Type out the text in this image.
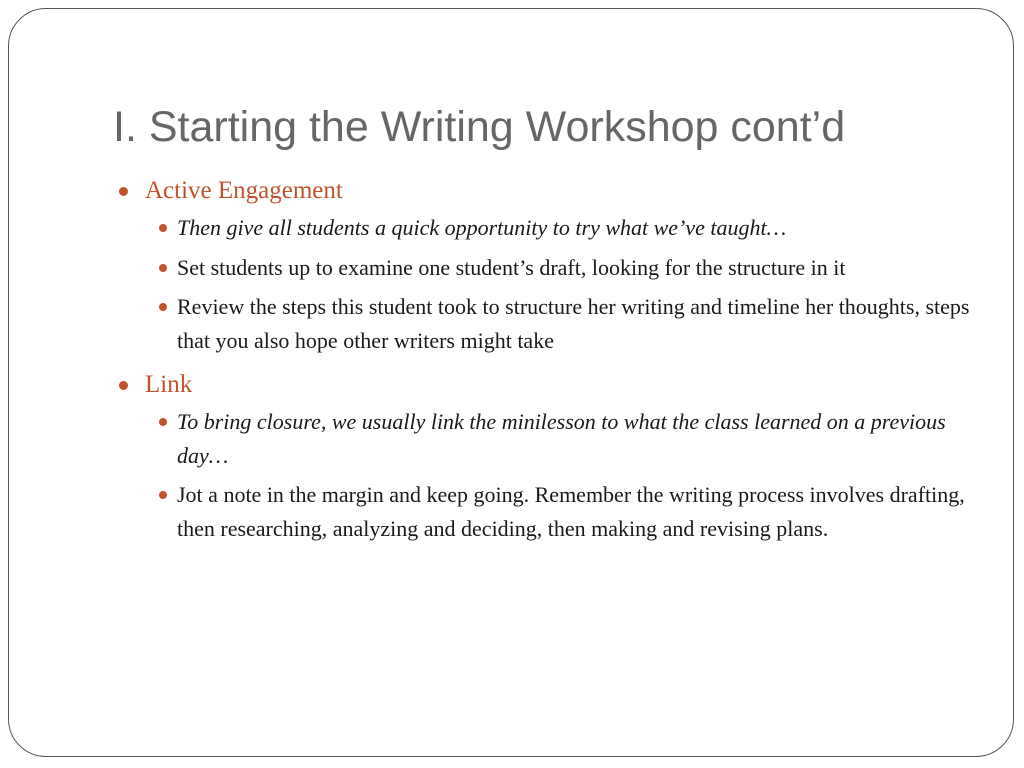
I. Starting the Writing Workshop cont’d
Active Engagement
Then give all students a quick opportunity to try what we’ve taught…
Set students up to examine one student’s draft, looking for the structure in it
Review the steps this student took to structure her writing and timeline her thoughts, steps that you also hope other writers might take
Link
To bring closure, we usually link the minilesson to what the class learned on a previous day…
Jot a note in the margin and keep going. Remember the writing process involves drafting, then researching, analyzing and deciding, then making and revising plans.
